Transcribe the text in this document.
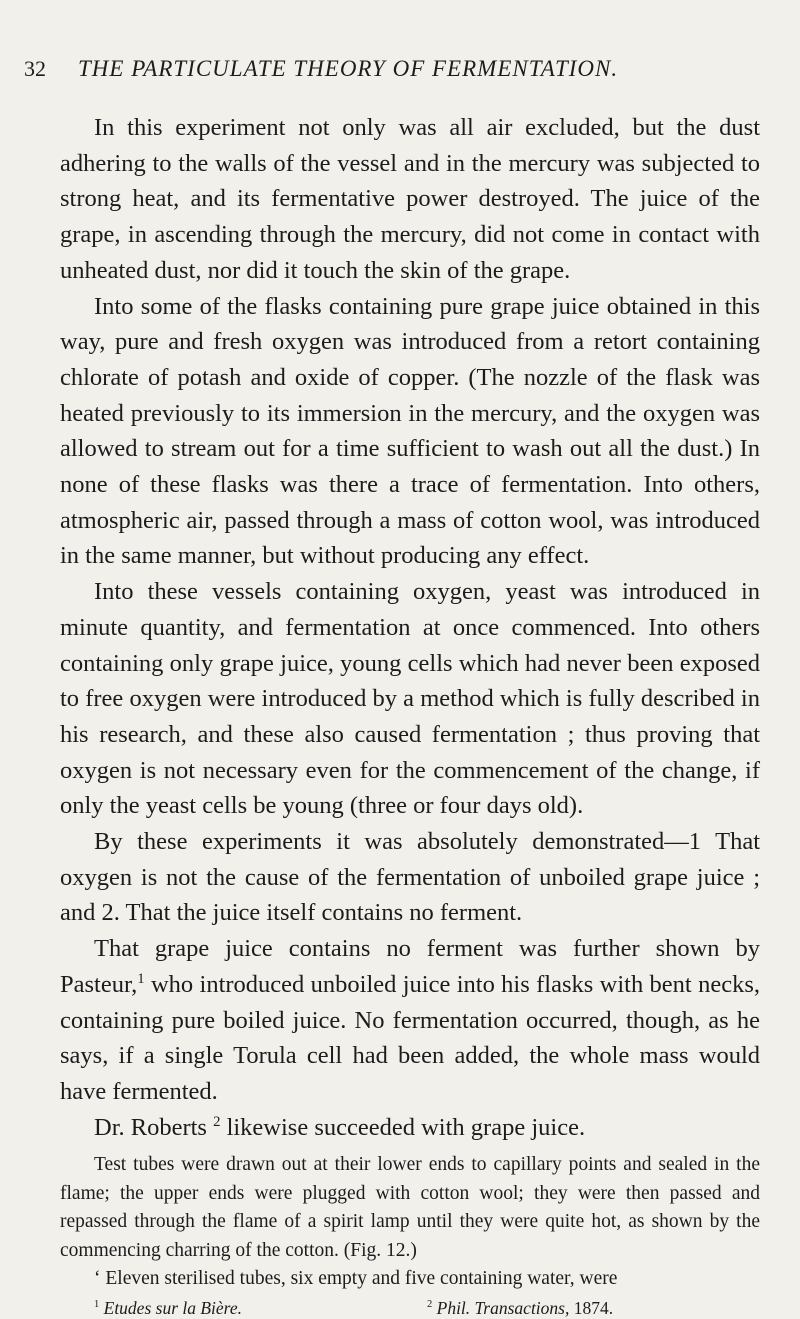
32	THE PARTICULATE THEORY OF FERMENTATION.

In this experiment not only was all air excluded, but the dust adhering to the walls of the vessel and in the mercury was subjected to strong heat, and its fermentative power destroyed. The juice of the grape, in ascending through the mercury, did not come in contact with unheated dust, nor did it touch the skin of the grape.

Into some of the flasks containing pure grape juice obtained in this way, pure and fresh oxygen was introduced from a retort containing chlorate of potash and oxide of copper. (The nozzle of the flask was heated previously to its immersion in the mercury, and the oxygen was allowed to stream out for a time sufficient to wash out all the dust.) In none of these flasks was there a trace of fermentation. Into others, atmospheric air, passed through a mass of cotton wool, was introduced in the same manner, but without producing any effect.

Into these vessels containing oxygen, yeast was introduced in minute quantity, and fermentation at once commenced. Into others containing only grape juice, young cells which had never been exposed to free oxygen were introduced by a method which is fully described in his research, and these also caused fermentation ; thus proving that oxygen is not necessary even for the commencement of the change, if only the yeast cells be young (three or four days old).

By these experiments it was absolutely demonstrated—1 That oxygen is not the cause of the fermentation of unboiled grape juice ; and 2. That the juice itself contains no ferment.

That grape juice contains no ferment was further shown by Pasteur,$^1$ who introduced unboiled juice into his flasks with bent necks, containing pure boiled juice. No fermentation occurred, though, as he says, if a single Torula cell had been added, the whole mass would have fermented.

Dr. Roberts $^2$ likewise succeeded with grape juice.

Test tubes were drawn out at their lower ends to capillary points and sealed in the flame; the upper ends were plugged with cotton wool; they were then passed and repassed through the flame of a spirit lamp until they were quite hot, as shown by the commencing charring of the cotton. (Fig. 12.)

‘ Eleven sterilised tubes, six empty and five containing water, were

$^1$ Etudes sur la Bière.	$^2$ Phil. Transactions, 1874.
